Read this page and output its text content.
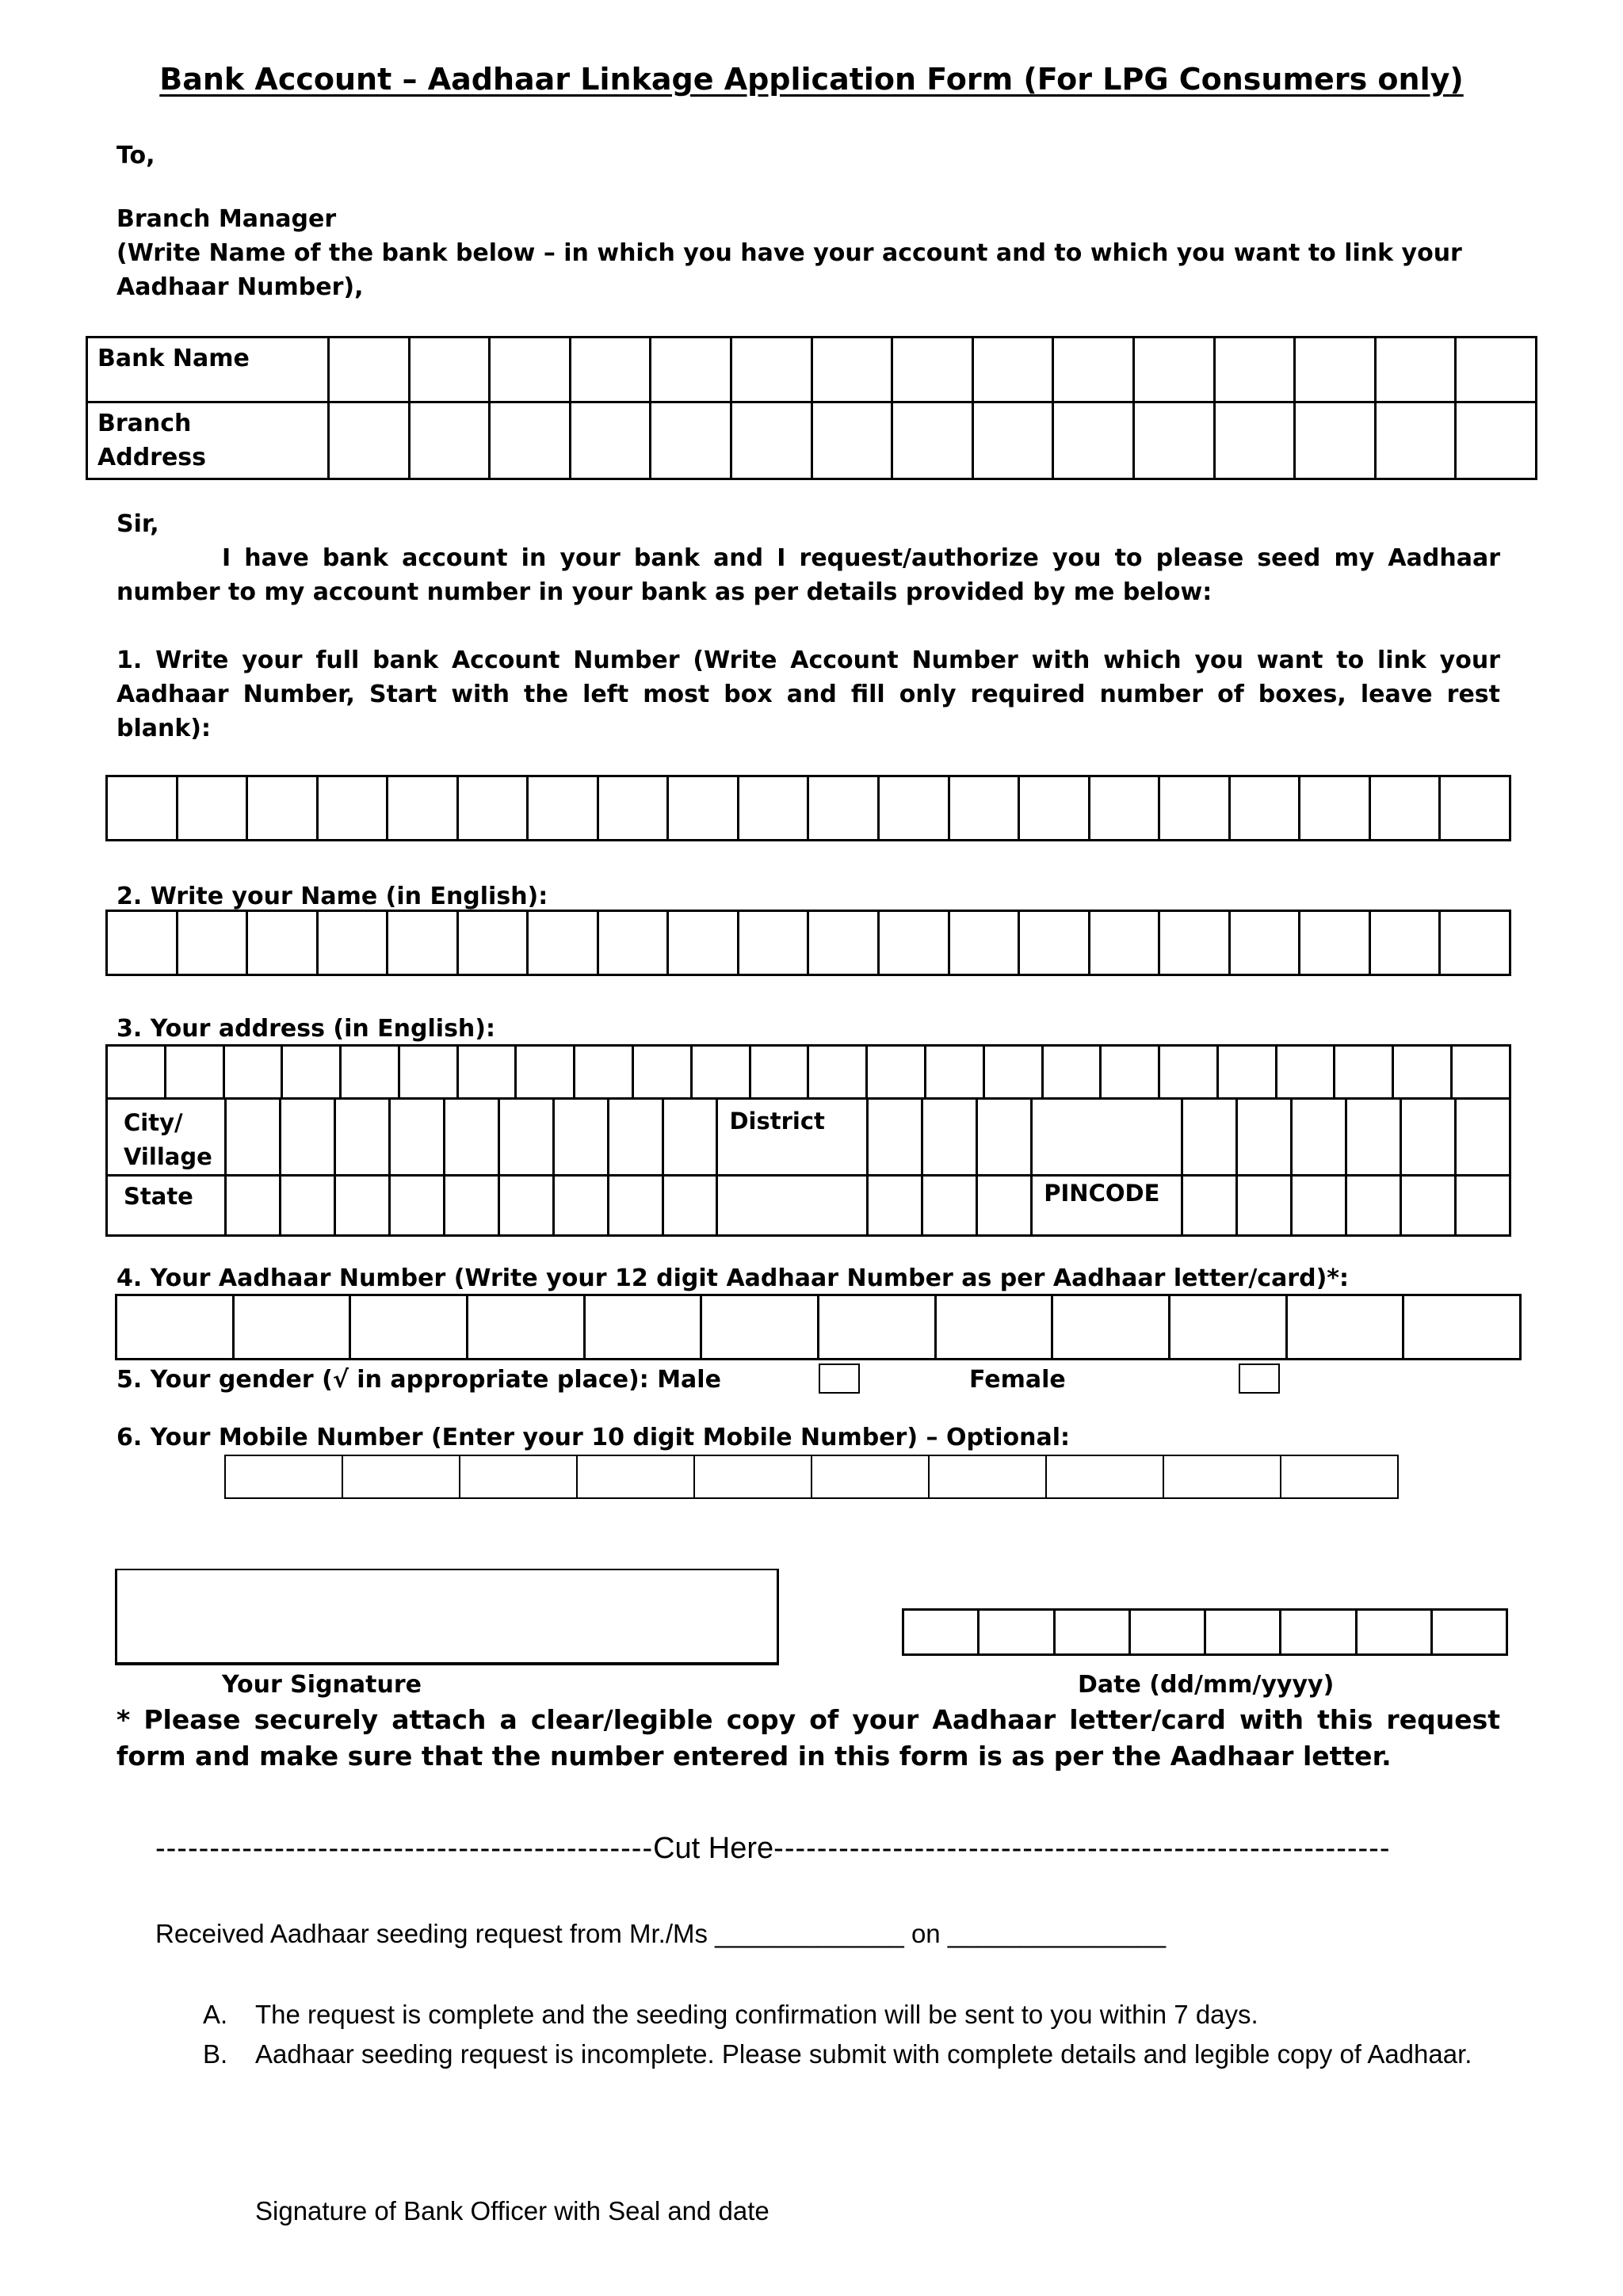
Bank Account – Aadhaar Linkage Application Form (For LPG Consumers only)
To,
Branch Manager
(Write Name of the bank below – in which you have your account and to which you want to link your Aadhaar Number),
Bank Name															

Branch Address															

Sir,
I have bank account in your bank and I request/authorize you to please seed my Aadhaar number to my account number in your bank as per details provided by me below:
1. Write your full bank Account Number (Write Account Number with which you want to link your Aadhaar Number, Start with the left most box and fill only required number of boxes, leave rest blank):

2. Write your Name (in English):

3. Your address (in English):

City/ Village										District										
State														PINCODE						
4. Your Aadhaar Number (Write your 12 digit Aadhaar Number as per Aadhaar letter/card)*:

5. Your gender (√ in appropriate place): Male	Female
6. Your Mobile Number (Enter your 10 digit Mobile Number) – Optional:

Your Signature	Date (dd/mm/yyyy)
* Please securely attach a clear/legible copy of your Aadhaar letter/card with this request form and make sure that the number entered in this form is as per the Aadhaar letter.
----------------------------------------------Cut Here---------------------------------------------------------
Received Aadhaar seeding request from Mr./Ms _____________ on _______________
A. The request is complete and the seeding confirmation will be sent to you within 7 days.
B. Aadhaar seeding request is incomplete. Please submit with complete details and legible copy of Aadhaar.
Signature of Bank Officer with Seal and date
